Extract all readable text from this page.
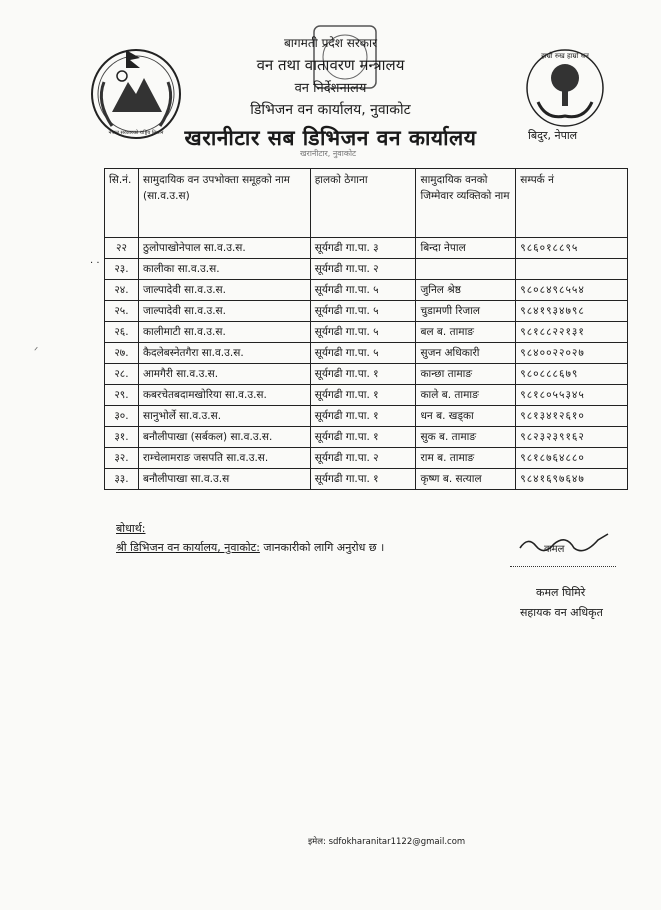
नेपाल सरकारको राष्ट्रिय निशान
हाम्रो रुख हाम्रो धन
बिदुर, नेपाल
बागमती प्रदेश सरकार
वन तथा वातावरण मन्त्रालय
वन निर्देशनालय
डिभिजन वन कार्यालय, नुवाकोट
खरानीटार सब डिभिजन वन कार्यालय
खरानीटार, नुवाकोट
सि.नं.	सामुदायिक वन उपभोक्ता समूहको नाम (सा.व.उ.स)	हालको ठेगाना	सामुदायिक वनको जिम्मेवार व्यक्तिको नाम	सम्पर्क नं
२२	ठुलोपाखोनेपाल सा.व.उ.स.	सूर्यगढी गा.पा. ३	बिन्दा नेपाल	९८६०१८८९५
२३.	कालीका सा.व.उ.स.	सूर्यगढी गा.पा. २		
२४.	जाल्पादेवी सा.व.उ.स.	सूर्यगढी गा.पा. ५	जुनिल श्रेष्ठ	९८०८४९८५५४
२५.	जाल्पादेवी सा.व.उ.स.	सूर्यगढी गा.पा. ५	चुडामणी रिजाल	९८४१९३४७९८
२६.	कालीमाटी सा.व.उ.स.	सूर्यगढी गा.पा. ५	बल ब. तामाङ	९८१८८२२१३१
२७.	कैदलेबस्नेतगैरा सा.व.उ.स.	सूर्यगढी गा.पा. ५	सुजन अधिकारी	९८४००२२०२७
२८.	आमगैरी सा.व.उ.स.	सूर्यगढी गा.पा. १	कान्छा तामाङ	९८०८८८६७९
२९.	कबरचेतबदामखोरिया सा.व.उ.स.	सूर्यगढी गा.पा. १	काले ब. तामाङ	९८१८०५५३४५
३०.	सानुभोर्ले सा.व.उ.स.	सूर्यगढी गा.पा. १	धन ब. खड्का	९८१३४१२६१०
३१.	बनौलीपाखा (सर्बकल) सा.व.उ.स.	सूर्यगढी गा.पा. १	सुक ब. तामाङ	९८२३२३९१६२
३२.	राम्चेलामराङ जसपति सा.व.उ.स.	सूर्यगढी गा.पा. २	राम ब. तामाङ	९८१८७६४८८०
३३.	बनौलीपाखा सा.व.उ.स	सूर्यगढी गा.पा. १	कृष्ण ब. सत्याल	९८४१६९७६४७
· ·
ᐟ
बोधार्थ:
श्री डिभिजन वन कार्यालय, नुवाकोट: जानकारीको लागि अनुरोध छ ।	कमल
कमल घिमिरे
सहायक वन अधिकृत
इमेल: sdfokharanitar1122@gmail.com
